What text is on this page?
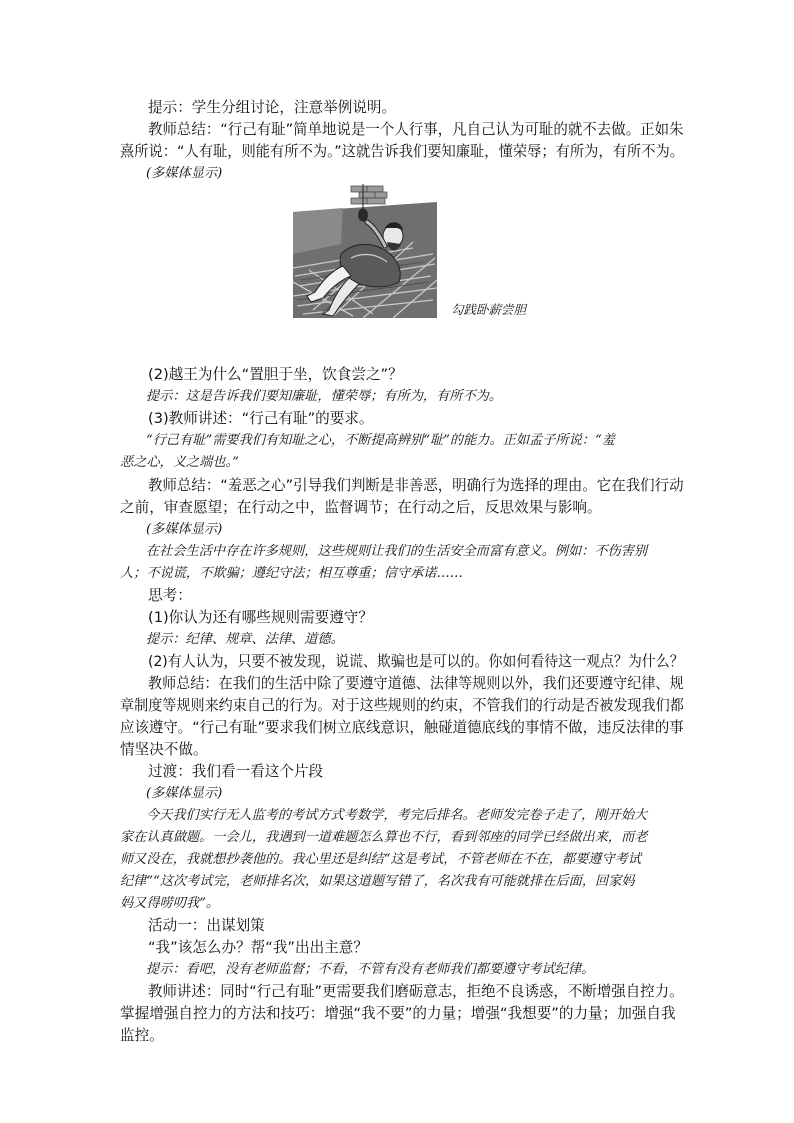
提示：学生分组讨论，注意举例说明。
教师总结：“行己有耻”简单地说是一个人行事，凡自己认为可耻的就不去做。正如朱
熹所说：“人有耻，则能有所不为。”这就告诉我们要知廉耻，懂荣辱；有所为，有所不为。
(多媒体显示)
勾践卧薪尝胆
(2)越王为什么“置胆于坐，饮食尝之”？
提示：这是告诉我们要知廉耻，懂荣辱；有所为，有所不为。
(3)教师讲述：“行己有耻”的要求。
“行己有耻”需要我们有知耻之心，不断提高辨别“耻”的能力。正如孟子所说：“羞
恶之心，义之端也。”
教师总结：“羞恶之心”引导我们判断是非善恶，明确行为选择的理由。它在我们行动
之前，审查愿望；在行动之中，监督调节；在行动之后，反思效果与影响。
(多媒体显示)
在社会生活中存在许多规则，这些规则让我们的生活安全而富有意义。例如：不伤害别
人；不说谎，不欺骗；遵纪守法；相互尊重；信守承诺……
思考：
(1)你认为还有哪些规则需要遵守？
提示：纪律、规章、法律、道德。
(2)有人认为，只要不被发现，说谎、欺骗也是可以的。你如何看待这一观点？为什么？
教师总结：在我们的生活中除了要遵守道德、法律等规则以外，我们还要遵守纪律、规
章制度等规则来约束自己的行为。对于这些规则的约束，不管我们的行动是否被发现我们都
应该遵守。“行己有耻”要求我们树立底线意识，触碰道德底线的事情不做，违反法律的事
情坚决不做。
过渡：我们看一看这个片段
(多媒体显示)
今天我们实行无人监考的考试方式考数学，考完后排名。老师发完卷子走了，刚开始大
家在认真做题。一会儿，我遇到一道难题怎么算也不行，看到邻座的同学已经做出来，而老
师又没在，我就想抄袭他的。我心里还是纠结“这是考试，不管老师在不在，都要遵守考试
纪律”“这次考试完，老师排名次，如果这道题写错了，名次我有可能就排在后面，回家妈
妈又得唠叨我”。
活动一：出谋划策
“我”该怎么办？帮“我”出出主意？
提示：看吧，没有老师监督；不看，不管有没有老师我们都要遵守考试纪律。
教师讲述：同时“行己有耻”更需要我们磨砺意志，拒绝不良诱惑，不断增强自控力。
掌握增强自控力的方法和技巧：增强“我不要”的力量；增强“我想要”的力量；加强自我
监控。
